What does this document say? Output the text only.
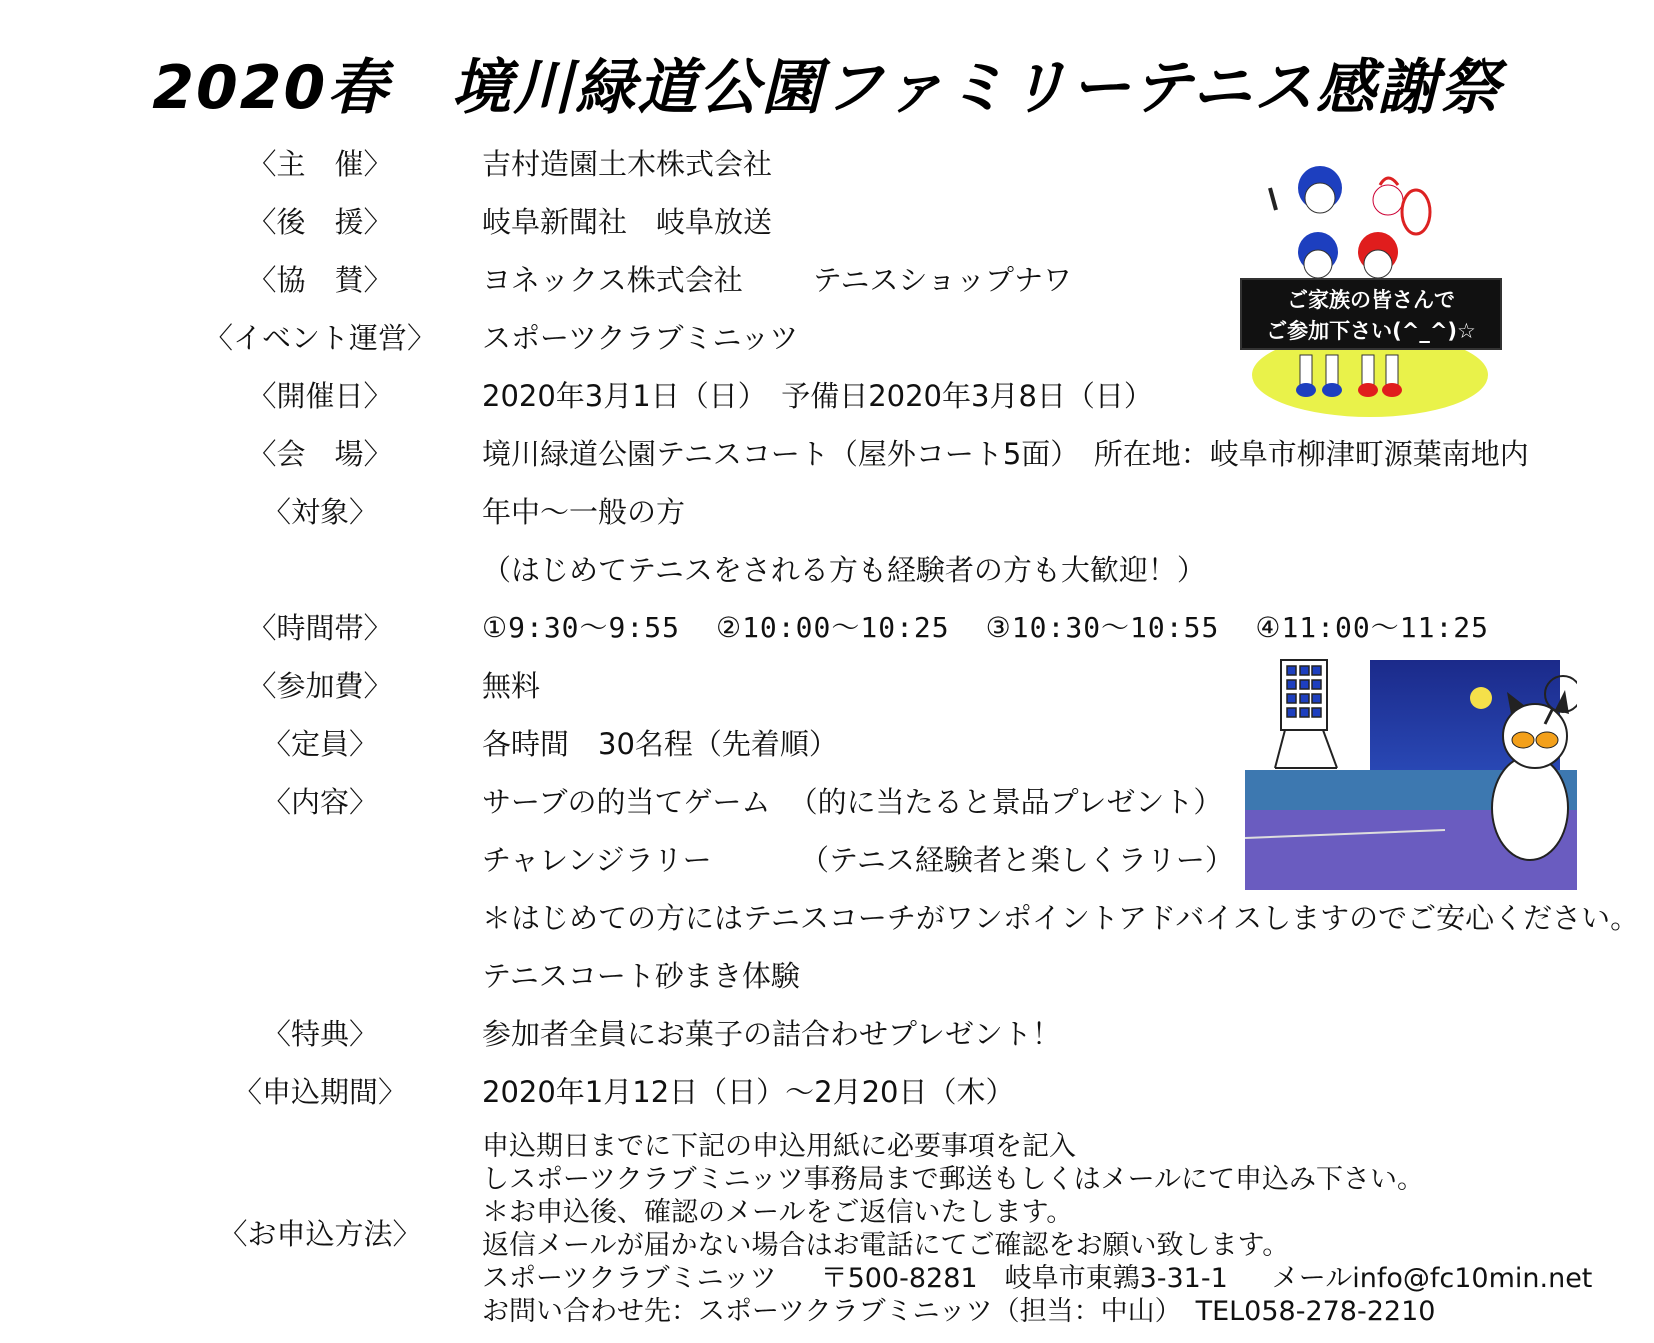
2020春　境川緑道公園ファミリーテニス感謝祭
〈主　催〉	吉村造園土木株式会社
〈後　援〉	岐阜新聞社　岐阜放送
〈協　賛〉	ヨネックス株式会社 テニスショップナワ
〈イベント運営〉	スポーツクラブミニッツ
〈開催日〉	2020年3月1日（日）　予備日2020年3月8日（日）
〈会　場〉	境川緑道公園テニスコート（屋外コート5面）　所在地：岐阜市柳津町源葉南地内
〈対象〉	年中～一般の方
（はじめてテニスをされる方も経験者の方も大歓迎！）
〈時間帯〉	①9:30～9:55 ②10:00～10:25 ③10:30～10:55 ④11:00～11:25
〈参加費〉	無料
〈定員〉	各時間　30名程（先着順）
〈内容〉	サーブの的当てゲーム （的に当たると景品プレゼント）
チャレンジラリー	（テニス経験者と楽しくラリー）
＊はじめての方にはテニスコーチがワンポイントアドバイスしますのでご安心ください。
テニスコート砂まき体験
〈特典〉	参加者全員にお菓子の詰合わせプレゼント！
〈申込期間〉	2020年1月12日（日）～2月20日（木）
〈お申込方法〉
申込期日までに下記の申込用紙に必要事項を記入
しスポーツクラブミニッツ事務局まで郵送もしくはメールにて申込み下さい。
＊お申込後、確認のメールをご返信いたします。
返信メールが届かない場合はお電話にてご確認をお願い致します。
スポーツクラブミニッツ 〒500-8281　岐阜市東鶉3-31-1 メールinfo@fc10min.net
お問い合わせ先：スポーツクラブミニッツ（担当：中山） TEL058-278-2210
ご家族の皆さんで
ご参加下さい(^_^)☆
